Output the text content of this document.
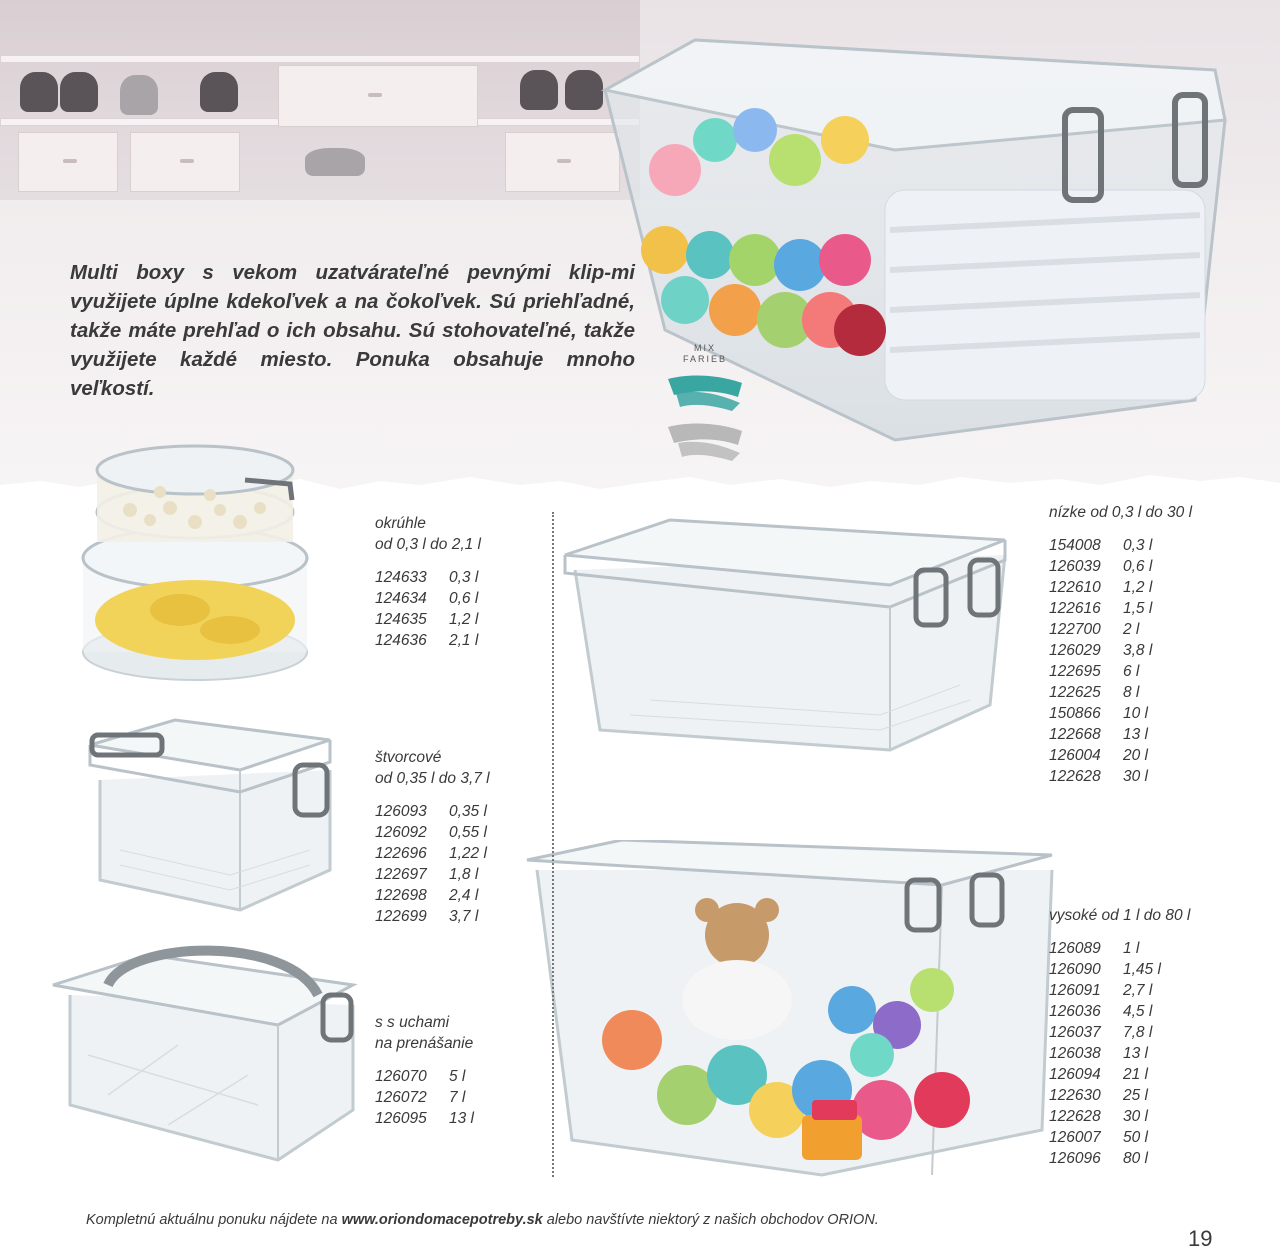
Multi boxy s vekom uzatvárateľné pevnými klip-mi využijete úplne kdekoľvek a na čokoľvek. Sú priehľadné, takže máte prehľad o ich obsahu. Sú stohovateľné, takže využijete každé miesto. Ponuka obsahuje mnoho veľkostí.
MIX
FARIEB
okrúhle
od 0,3 l do 2,1 l
124633	0,3 l
124634	0,6 l
124635	1,2 l
124636	2,1 l
štvorcové
od 0,35 l do 3,7 l
126093	0,35 l
126092	0,55 l
122696	1,22 l
122697	1,8 l
122698	2,4 l
122699	3,7 l
s s uchami
na prenášanie
126070	5 l
126072	7 l
126095	13 l
nízke od 0,3 l do 30 l
154008	0,3 l
126039	0,6 l
122610	1,2 l
122616	1,5 l
122700	2 l
126029	3,8 l
122695	6 l
122625	8 l
150866	10 l
122668	13 l
126004	20 l
122628	30 l
vysoké od 1 l do 80 l
126089	1 l
126090	1,45 l
126091	2,7 l
126036	4,5 l
126037	7,8 l
126038	13 l
126094	21 l
122630	25 l
122628	30 l
126007	50 l
126096	80 l
Kompletnú aktuálnu ponuku nájdete na www.oriondomacepotreby.sk alebo navštívte niektorý z našich obchodov ORION.
19
